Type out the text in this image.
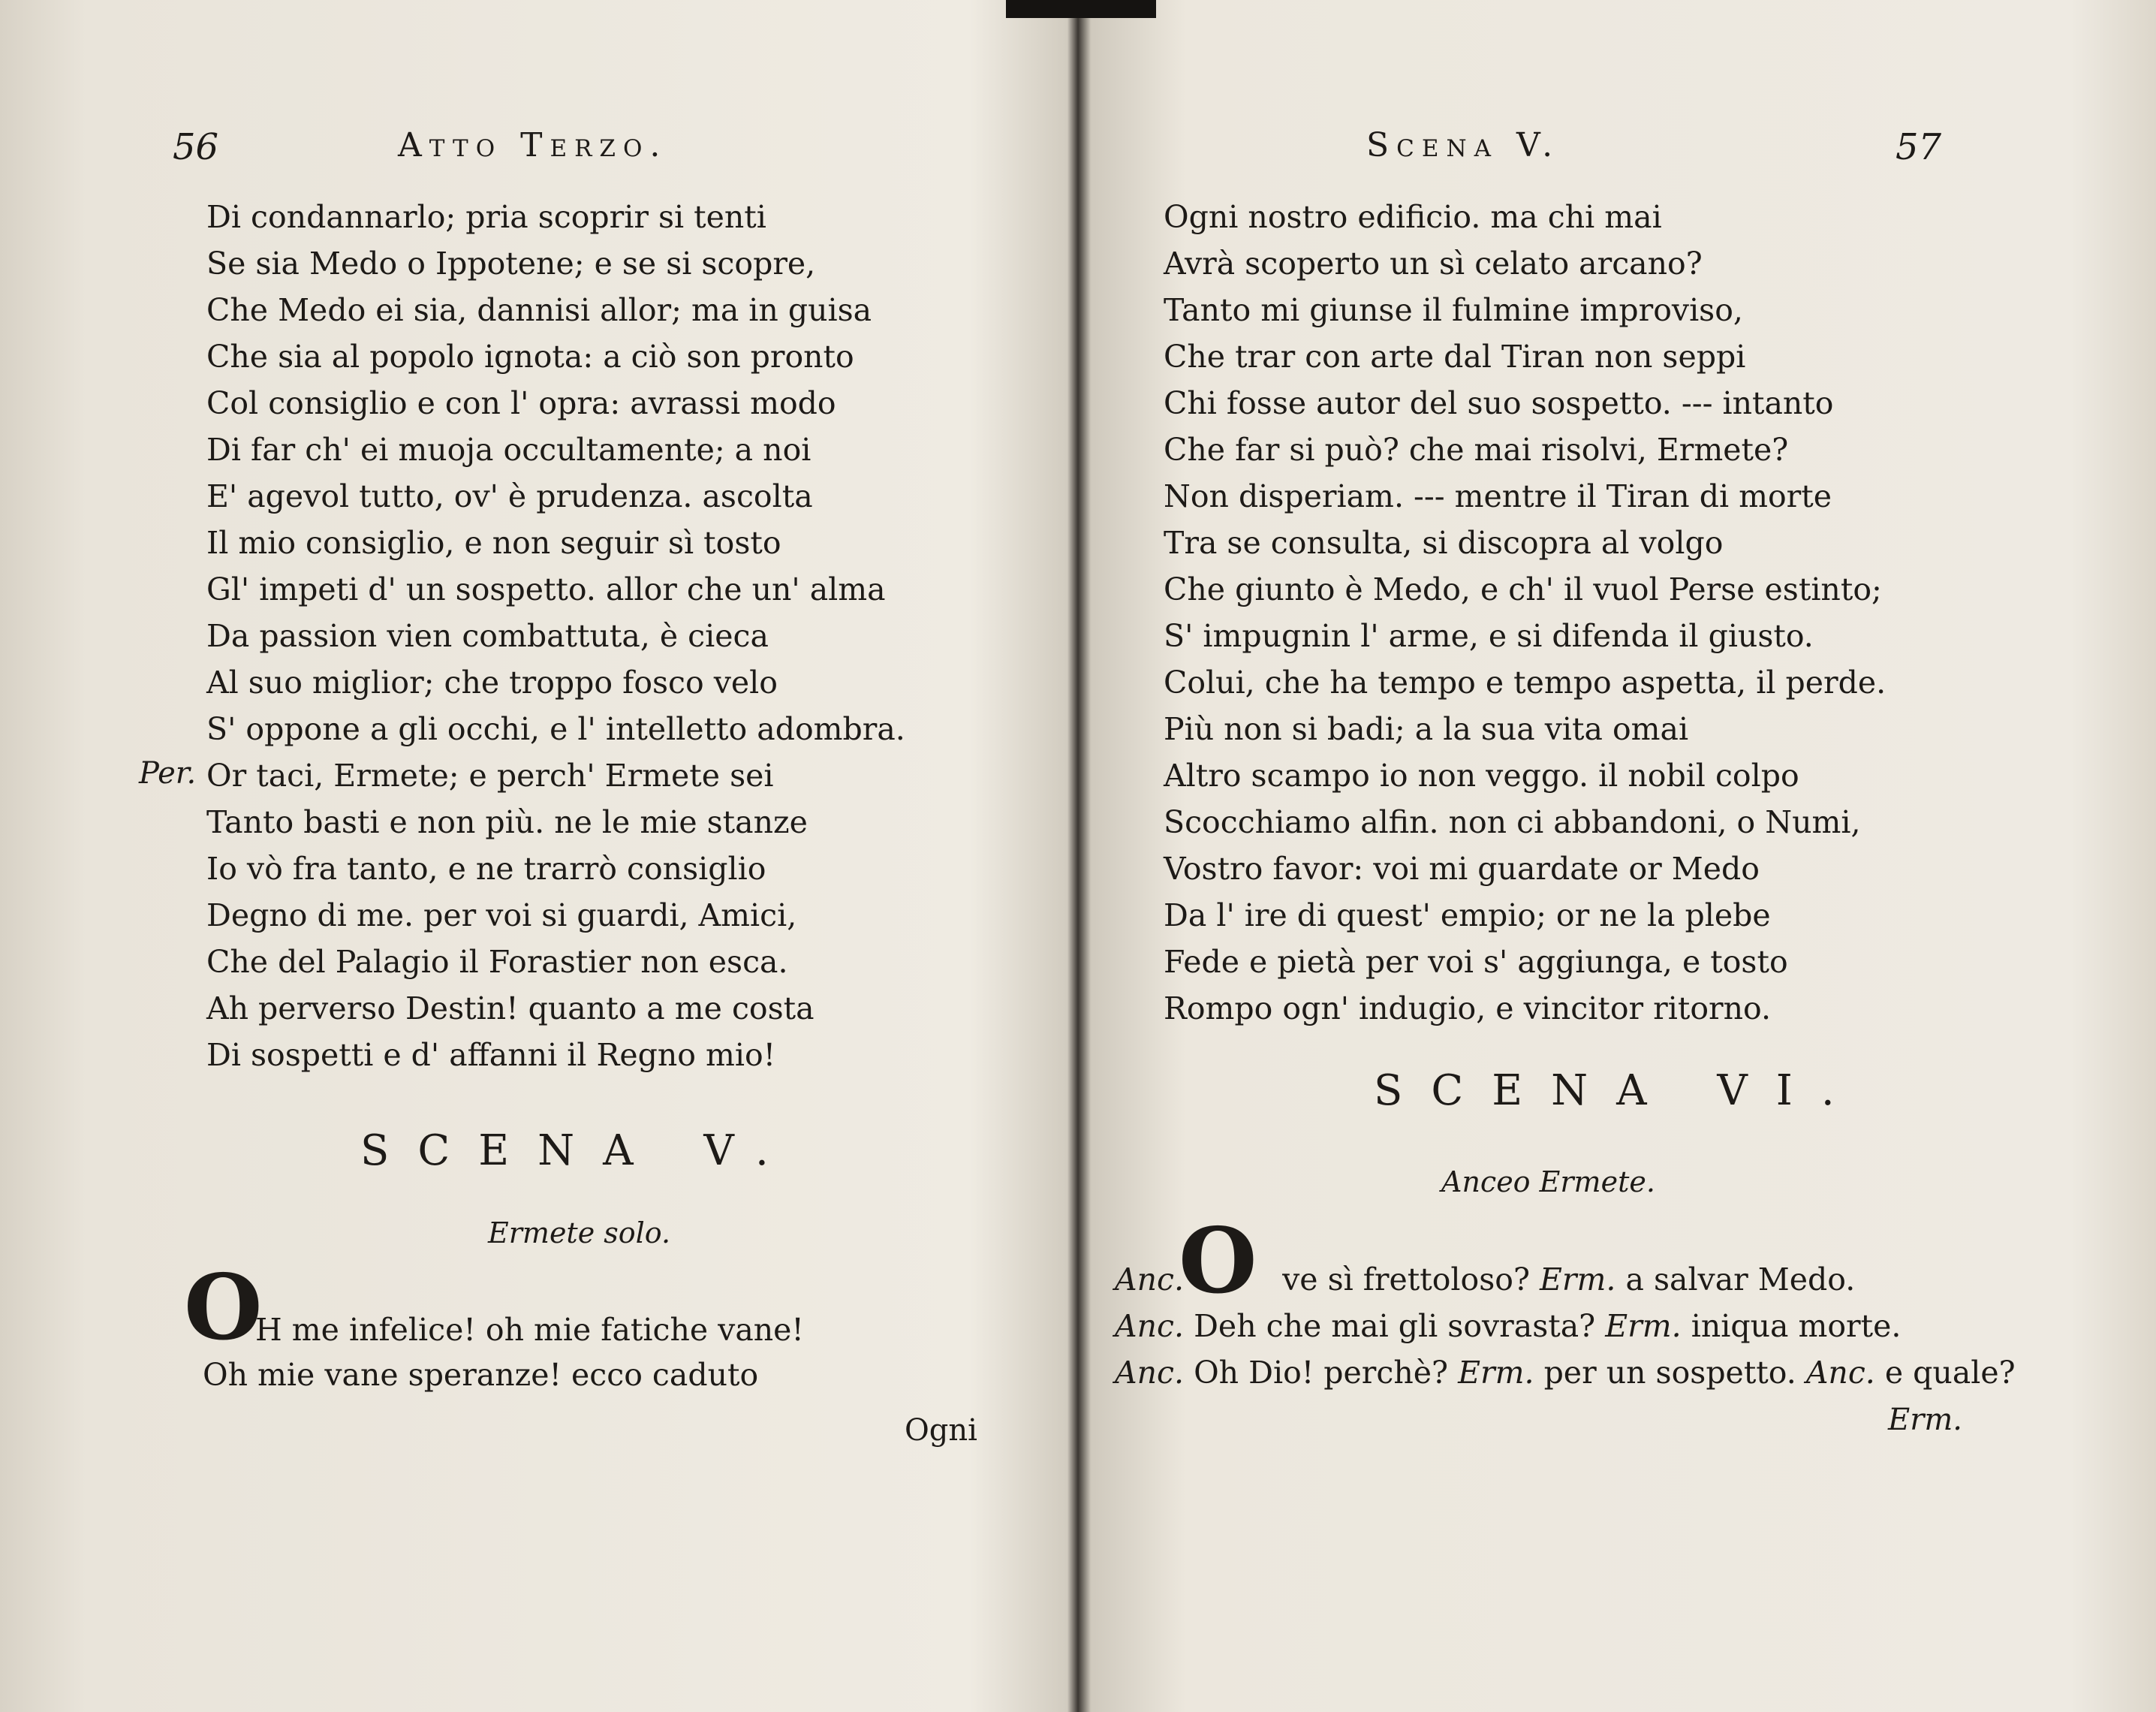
56	Atto Terzo.
Di condannarlo; pria scoprir si tenti
Se sia Medo o Ippotene; e se si scopre,
Che Medo ei sia, dannisi allor; ma in guisa
Che sia al popolo ignota: a ciò son pronto
Col consiglio e con l' opra: avrassi modo
Di far ch' ei muoja occultamente; a noi
E' agevol tutto, ov' è prudenza. ascolta
Il mio consiglio, e non seguir sì tosto
Gl' impeti d' un sospetto. allor che un' alma
Da passion vien combattuta, è cieca
Al suo miglior; che troppo fosco velo
S' oppone a gli occhi, e l' intelletto adombra.
Per. Or taci, Ermete; e perch' Ermete sei
Tanto basti e non più. ne le mie stanze
Io vò fra tanto, e ne trarrò consiglio
Degno di me. per voi si guardi, Amici,
Che del Palagio il Forastier non esca.
Ah perverso Destin! quanto a me costa
Di sospetti e d' affanni il Regno mio!
SCENA V.
Ermete solo.
O
H me infelice! oh mie fatiche vane!
Oh mie vane speranze! ecco caduto
Ogni
Scena V.	57
Ogni nostro edificio. ma chi mai
Avrà scoperto un sì celato arcano?
Tanto mi giunse il fulmine improviso,
Che trar con arte dal Tiran non seppi
Chi fosse autor del suo sospetto. --- intanto
Che far si può? che mai risolvi, Ermete?
Non disperiam. --- mentre il Tiran di morte
Tra se consulta, si discopra al volgo
Che giunto è Medo, e ch' il vuol Perse estinto;
S' impugnin l' arme, e si difenda il giusto.
Colui, che ha tempo e tempo aspetta, il perde.
Più non si badi; a la sua vita omai
Altro scampo io non veggo. il nobil colpo
Scocchiamo alfin. non ci abbandoni, o Numi,
Vostro favor: voi mi guardate or Medo
Da l' ire di quest' empio; or ne la plebe
Fede e pietà per voi s' aggiunga, e tosto
Rompo ogn' indugio, e vincitor ritorno.
SCENA VI.
Anceo Ermete.
O
Anc.	ve sì frettoloso? Erm. a salvar Medo.
Anc. Deh che mai gli sovrasta? Erm. iniqua morte.
Anc. Oh Dio! perchè? Erm. per un sospetto. Anc. e quale?
Erm.
